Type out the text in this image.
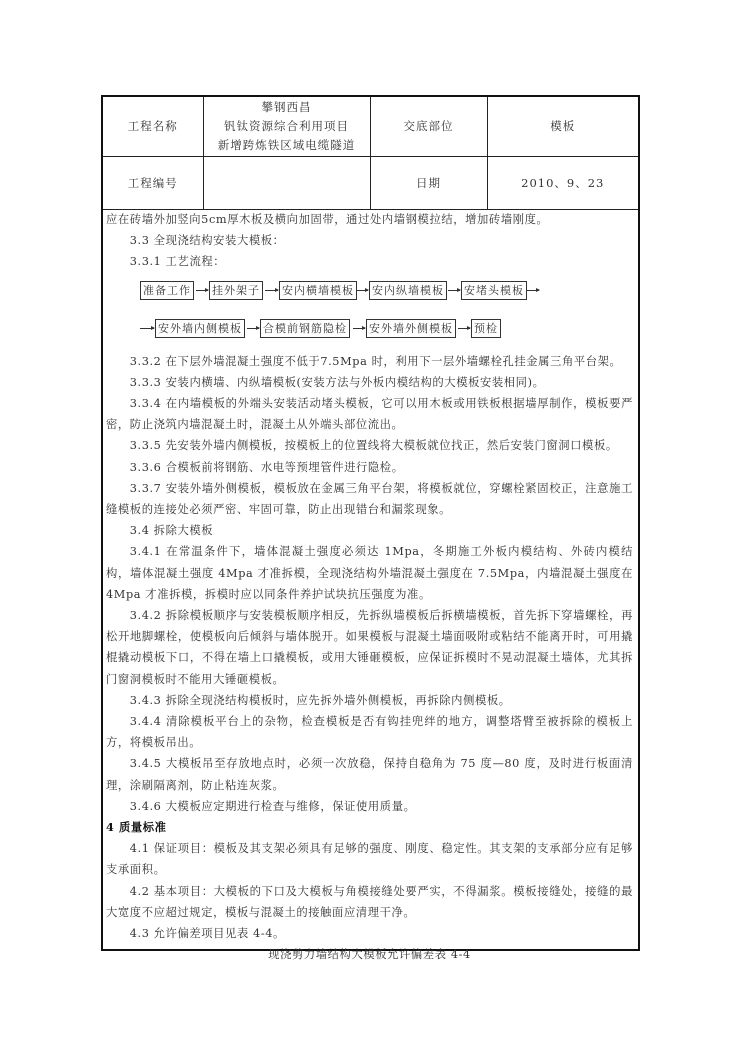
工程名称	攀钢西昌
钒钛资源综合利用项目
新增跨炼铁区域电缆隧道	交底部位	模板
工程编号		日期	2010、9、23

应在砖墙外加竖向5cm厚木板及横向加固带，通过处内墙钢模拉结，增加砖墙刚度。

3.3 全现浇结构安装大模板：

3.3.1 工艺流程：

准备工作 挂外架子 安内横墙模板 安内纵墙模板 安堵头模板
安外墙内侧模板 合模前钢筋隐检 安外墙外侧模板 预检

3.3.2 在下层外墙混凝土强度不低于7.5Mpa 时，利用下一层外墙螺栓孔挂金属三角平台架。

3.3.3 安装内横墙、内纵墙模板(安装方法与外板内模结构的大模板安装相同)。

3.3.4 在内墙模板的外端头安装活动堵头模板，它可以用木板或用铁板根据墙厚制作，模板要严密，防止浇筑内墙混凝土时，混凝土从外端头部位流出。

3.3.5 先安装外墙内侧模板，按模板上的位置线将大模板就位找正，然后安装门窗洞口模板。

3.3.6 合模板前将钢筋、水电等预埋管件进行隐检。

3.3.7 安装外墙外侧模板，模板放在金属三角平台架，将模板就位，穿螺栓紧固校正，注意施工缝模板的连接处必须严密、牢固可靠，防止出现错台和漏浆现象。

3.4 拆除大模板

3.4.1 在常温条件下，墙体混凝土强度必须达 1Mpa，冬期施工外板内模结构、外砖内模结构，墙体混凝土强度 4Mpa 才准拆模，全现浇结构外墙混凝土强度在 7.5Mpa，内墙混凝土强度在 4Mpa 才准拆模，拆模时应以同条件养护试块抗压强度为准。

3.4.2 拆除模板顺序与安装模板顺序相反，先拆纵墙模板后拆横墙模板，首先拆下穿墙螺栓，再松开地脚螺栓，使模板向后倾斜与墙体脱开。如果模板与混凝土墙面吸附或粘结不能离开时，可用撬棍撬动模板下口，不得在墙上口撬模板，或用大锤砸模板，应保证拆模时不晃动混凝土墙体，尤其拆门窗洞模板时不能用大锤砸模板。

3.4.3 拆除全现浇结构模板时，应先拆外墙外侧模板，再拆除内侧模板。

3.4.4 清除模板平台上的杂物，检查模板是否有钩挂兜绊的地方，调整塔臂至被拆除的模板上方，将模板吊出。

3.4.5 大模板吊至存放地点时，必须一次放稳，保持自稳角为 75 度—80 度，及时进行板面清理，涂刷隔离剂，防止粘连灰浆。

3.4.6 大模板应定期进行检查与维修，保证使用质量。

4 质量标准

4.1 保证项目：模板及其支架必须具有足够的强度、刚度、稳定性。其支架的支承部分应有足够支承面积。

4.2 基本项目：大模板的下口及大模板与角模接缝处要严实，不得漏浆。模板接缝处，接缝的最大宽度不应超过规定，模板与混凝土的接触面应清理干净。

4.3 允许偏差项目见表 4-4。

现浇剪力墙结构大模板允许偏差表 4-4
